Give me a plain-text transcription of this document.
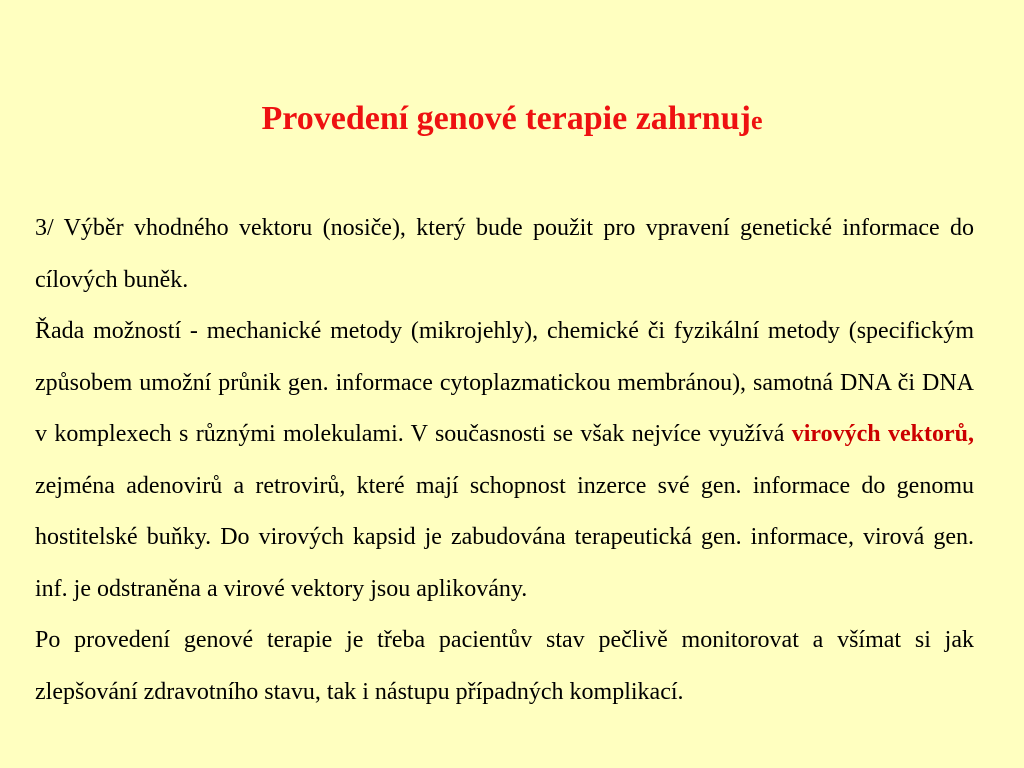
Provedení genové terapie zahrnuje

3/ Výběr vhodného vektoru (nosiče), který bude použit pro vpravení genetické informace do cílových buněk.

Řada možností - mechanické metody (mikrojehly), chemické či fyzikální metody (specifickým způsobem umožní průnik gen. informace cytoplazmatickou membránou), samotná DNA či DNA v komplexech s různými molekulami. V současnosti se však nejvíce využívá virových vektorů, zejména adenovirů a retrovirů, které mají schopnost inzerce své gen. informace do genomu hostitelské buňky. Do virových kapsid je zabudována terapeutická gen. informace, virová gen. inf. je odstraněna a virové vektory jsou aplikovány.

Po provedení genové terapie je třeba pacientův stav pečlivě monitorovat a všímat si jak zlepšování zdravotního stavu, tak i nástupu případných komplikací.
